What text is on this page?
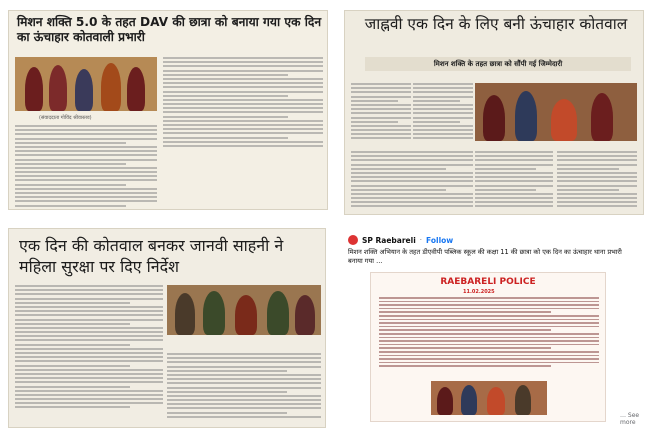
मिशन शक्ति 5.0 के तहत DAV की छात्रा को बनाया गया एक दिन का ऊंचाहार कोतवाली प्रभारी
(संवाददाता गोविंद श्रीवास्तव)
जाह्नवी एक दिन के लिए बनी ऊंचाहार कोतवाल
मिशन शक्ति के तहत छात्रा को सौंपी गई जिम्मेदारी
एक दिन की कोतवाल बनकर जानवी साहनी ने महिला सुरक्षा पर दिए निर्देश
SP Raebareli · Follow
मिशन शक्ति अभियान के तहत डीएवीपी पब्लिक स्कूल की कक्षा 11 की छात्रा को एक दिन का ऊंचाहार थाना प्रभारी बनाया गया ...
RAEBARELI POLICE
11.02.2025
… See more
